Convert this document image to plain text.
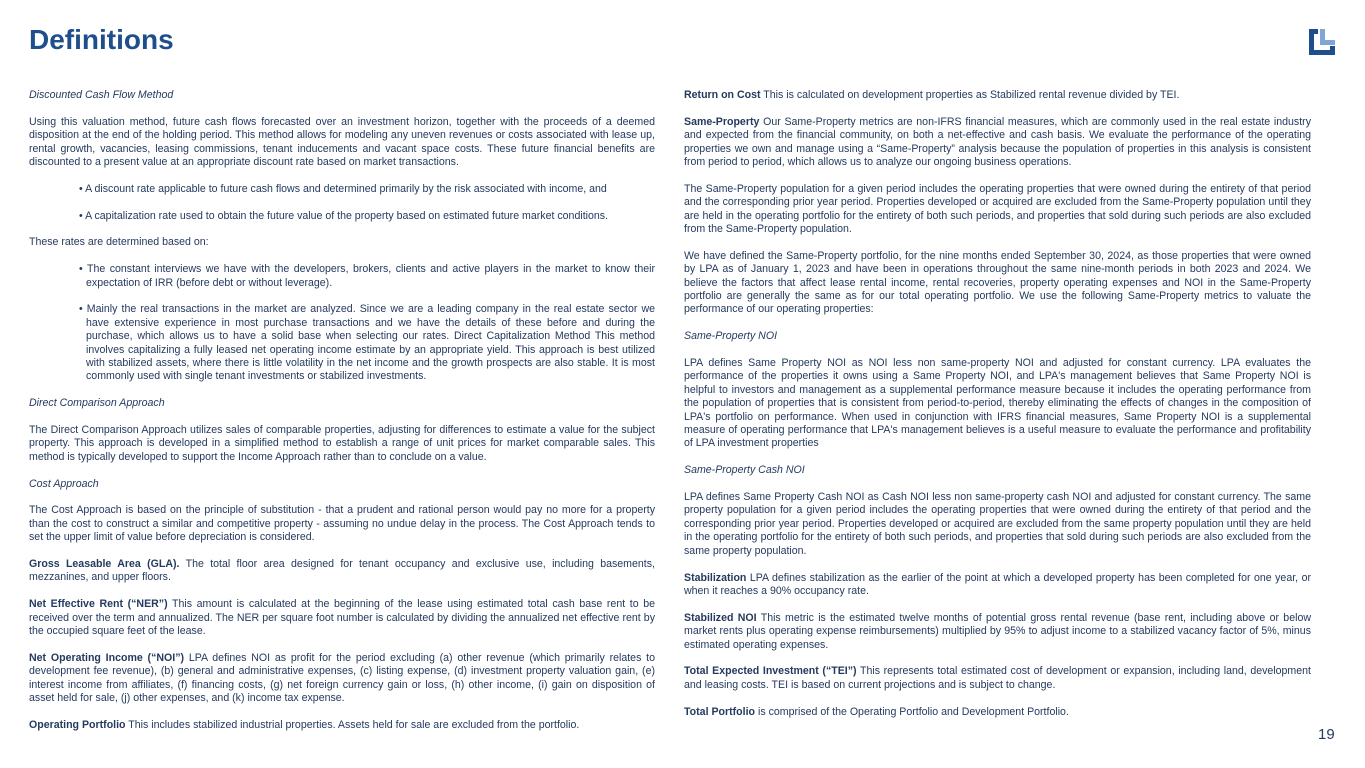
Definitions

Discounted Cash Flow Method

Using this valuation method, future cash flows forecasted over an investment horizon, together with the proceeds of a deemed disposition at the end of the holding period. This method allows for modeling any uneven revenues or costs associated with lease up, rental growth, vacancies, leasing commissions, tenant inducements and vacant space costs. These future financial benefits are discounted to a present value at an appropriate discount rate based on market transactions.

• A discount rate applicable to future cash flows and determined primarily by the risk associated with income, and

• A capitalization rate used to obtain the future value of the property based on estimated future market conditions.

These rates are determined based on:

• The constant interviews we have with the developers, brokers, clients and active players in the market to know their expectation of IRR (before debt or without leverage).

• Mainly the real transactions in the market are analyzed. Since we are a leading company in the real estate sector we have extensive experience in most purchase transactions and we have the details of these before and during the purchase, which allows us to have a solid base when selecting our rates. Direct Capitalization Method This method involves capitalizing a fully leased net operating income estimate by an appropriate yield. This approach is best utilized with stabilized assets, where there is little volatility in the net income and the growth prospects are also stable. It is most commonly used with single tenant investments or stabilized investments.

Direct Comparison Approach

The Direct Comparison Approach utilizes sales of comparable properties, adjusting for differences to estimate a value for the subject property. This approach is developed in a simplified method to establish a range of unit prices for market comparable sales. This method is typically developed to support the Income Approach rather than to conclude on a value.

Cost Approach

The Cost Approach is based on the principle of substitution - that a prudent and rational person would pay no more for a property than the cost to construct a similar and competitive property - assuming no undue delay in the process. The Cost Approach tends to set the upper limit of value before depreciation is considered.

Gross Leasable Area (GLA). The total floor area designed for tenant occupancy and exclusive use, including basements, mezzanines, and upper floors.

Net Effective Rent (“NER”) This amount is calculated at the beginning of the lease using estimated total cash base rent to be received over the term and annualized. The NER per square foot number is calculated by dividing the annualized net effective rent by the occupied square feet of the lease.

Net Operating Income (“NOI”) LPA defines NOI as profit for the period excluding (a) other revenue (which primarily relates to development fee revenue), (b) general and administrative expenses, (c) listing expense, (d) investment property valuation gain, (e) interest income from affiliates, (f) financing costs, (g) net foreign currency gain or loss, (h) other income, (i) gain on disposition of asset held for sale, (j) other expenses, and (k) income tax expense.

Operating Portfolio This includes stabilized industrial properties. Assets held for sale are excluded from the portfolio.

Return on Cost This is calculated on development properties as Stabilized rental revenue divided by TEI.

Same-Property Our Same-Property metrics are non-IFRS financial measures, which are commonly used in the real estate industry and expected from the financial community, on both a net-effective and cash basis. We evaluate the performance of the operating properties we own and manage using a “Same-Property” analysis because the population of properties in this analysis is consistent from period to period, which allows us to analyze our ongoing business operations.

The Same-Property population for a given period includes the operating properties that were owned during the entirety of that period and the corresponding prior year period. Properties developed or acquired are excluded from the Same-Property population until they are held in the operating portfolio for the entirety of both such periods, and properties that sold during such periods are also excluded from the Same-Property population.

We have defined the Same-Property portfolio, for the nine months ended September 30, 2024, as those properties that were owned by LPA as of January 1, 2023 and have been in operations throughout the same nine-month periods in both 2023 and 2024. We believe the factors that affect lease rental income, rental recoveries, property operating expenses and NOI in the Same-Property portfolio are generally the same as for our total operating portfolio. We use the following Same-Property metrics to valuate the performance of our operating properties:

Same-Property NOI

LPA defines Same Property NOI as NOI less non same-property NOI and adjusted for constant currency. LPA evaluates the performance of the properties it owns using a Same Property NOI, and LPA's management believes that Same Property NOI is helpful to investors and management as a supplemental performance measure because it includes the operating performance from the population of properties that is consistent from period-to-period, thereby eliminating the effects of changes in the composition of LPA's portfolio on performance. When used in conjunction with IFRS financial measures, Same Property NOI is a supplemental measure of operating performance that LPA's management believes is a useful measure to evaluate the performance and profitability of LPA investment properties

Same-Property Cash NOI

LPA defines Same Property Cash NOI as Cash NOI less non same-property cash NOI and adjusted for constant currency. The same property population for a given period includes the operating properties that were owned during the entirety of that period and the corresponding prior year period. Properties developed or acquired are excluded from the same property population until they are held in the operating portfolio for the entirety of both such periods, and properties that sold during such periods are also excluded from the same property population.

Stabilization LPA defines stabilization as the earlier of the point at which a developed property has been completed for one year, or when it reaches a 90% occupancy rate.

Stabilized NOI This metric is the estimated twelve months of potential gross rental revenue (base rent, including above or below market rents plus operating expense reimbursements) multiplied by 95% to adjust income to a stabilized vacancy factor of 5%, minus estimated operating expenses.

Total Expected Investment (“TEI”) This represents total estimated cost of development or expansion, including land, development and leasing costs. TEI is based on current projections and is subject to change.

Total Portfolio is comprised of the Operating Portfolio and Development Portfolio.

19
